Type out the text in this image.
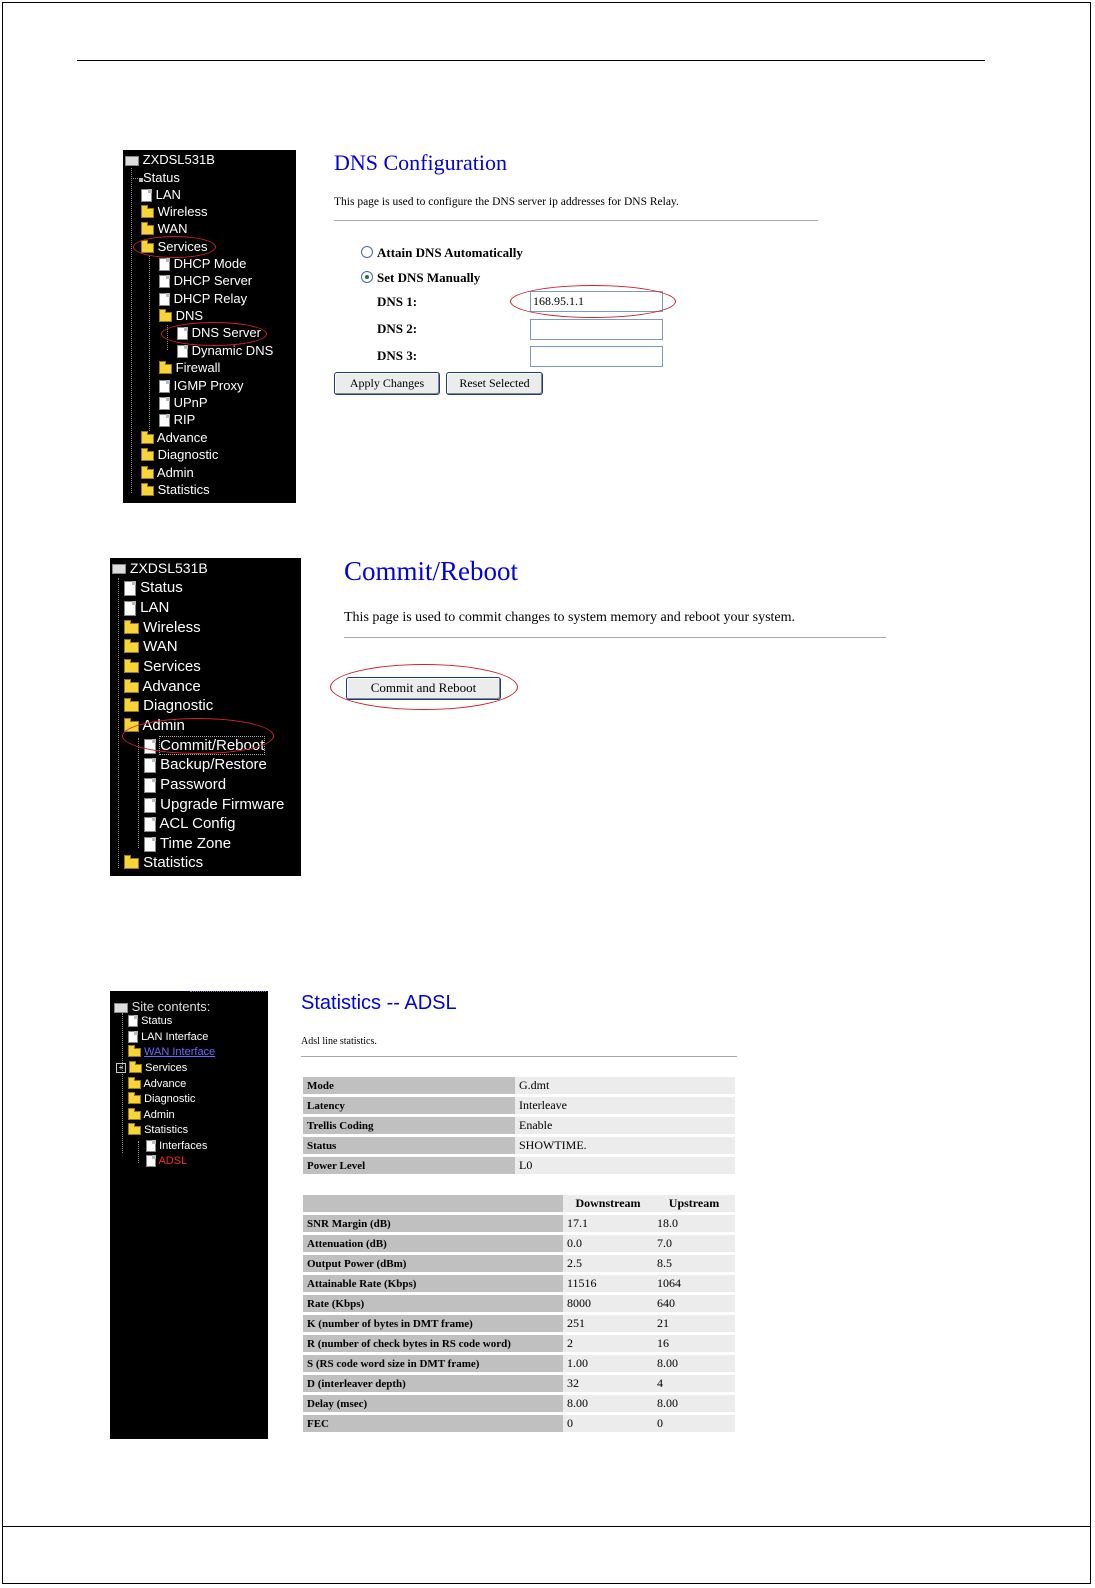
ZXDSL531B
Status
LAN
Wireless
WAN
Services
DHCP Mode
DHCP Server
DHCP Relay
DNS
DNS Server
Dynamic DNS
Firewall
IGMP Proxy
UPnP
RIP
Advance
Diagnostic
Admin
Statistics
DNS Configuration
This page is used to configure the DNS server ip addresses for DNS Relay.
Attain DNS Automatically
Set DNS Manually
DNS 1:	168.95.1.1
DNS 2:
DNS 3:
Apply Changes	Reset Selected
ZXDSL531B
Status
LAN
Wireless
WAN
Services
Advance
Diagnostic
Admin
Commit/Reboot
Backup/Restore
Password
Upgrade Firmware
ACL Config
Time Zone
Statistics
Commit/Reboot
This page is used to commit changes to system memory and reboot your system.
Commit and Reboot
Site contents:
Status
LAN Interface
WAN Interface
+ Services
Advance
Diagnostic
Admin
Statistics
Interfaces
ADSL
Statistics -- ADSL
Adsl line statistics.
Mode	G.dmt
Latency	Interleave
Trellis Coding	Enable
Status	SHOWTIME.
Power Level	L0
	Downstream	Upstream
SNR Margin (dB)	17.1	18.0
Attenuation (dB)	0.0	7.0
Output Power (dBm)	2.5	8.5
Attainable Rate (Kbps)	11516	1064
Rate (Kbps)	8000	640
K (number of bytes in DMT frame)	251	21
R (number of check bytes in RS code word)	2	16
S (RS code word size in DMT frame)	1.00	8.00
D (interleaver depth)	32	4
Delay (msec)	8.00	8.00
FEC	0	0
